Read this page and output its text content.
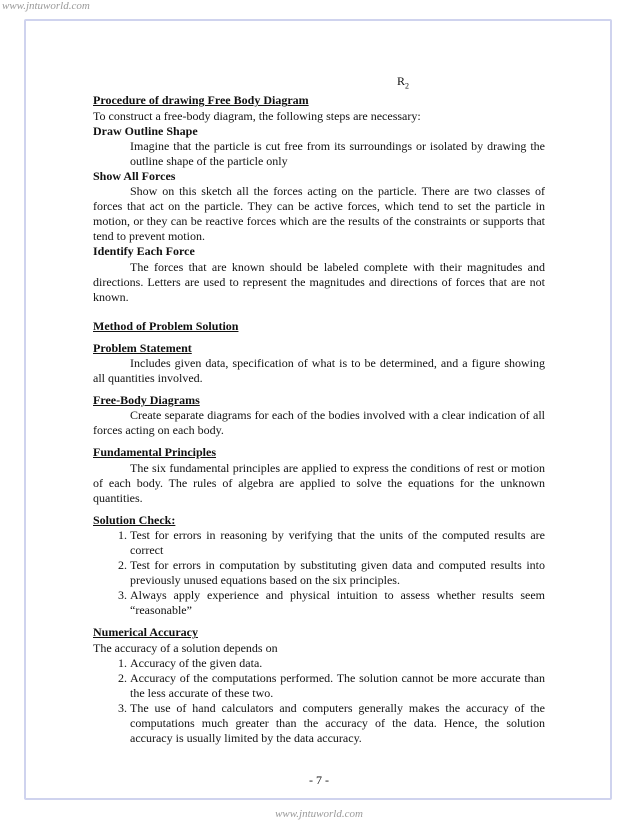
www.jntuworld.com
$R_2$
Procedure of drawing Free Body Diagram
To construct a free-body diagram, the following steps are necessary:
Draw Outline Shape
Imagine that the particle is cut free from its surroundings or isolated by drawing the outline shape of the particle only
Show All Forces
Show on this sketch all the forces acting on the particle. There are two classes of forces that act on the particle. They can be active forces, which tend to set the particle in motion, or they can be reactive forces which are the results of the constraints or supports that tend to prevent motion.
Identify Each Force
The forces that are known should be labeled complete with their magnitudes and directions. Letters are used to represent the magnitudes and directions of forces that are not known.
Method of Problem Solution
Problem Statement
Includes given data, specification of what is to be determined, and a figure showing all quantities involved.
Free-Body Diagrams
Create separate diagrams for each of the bodies involved with a clear indication of all forces acting on each body.
Fundamental Principles
The six fundamental principles are applied to express the conditions of rest or motion of each body. The rules of algebra are applied to solve the equations for the unknown quantities.
Solution Check:
1. Test for errors in reasoning by verifying that the units of the computed results are correct
2. Test for errors in computation by substituting given data and computed results into previously unused equations based on the six principles.
3. Always apply experience and physical intuition to assess whether results seem “reasonable”
Numerical Accuracy
The accuracy of a solution depends on
1. Accuracy of the given data.
2. Accuracy of the computations performed. The solution cannot be more accurate than the less accurate of these two.
3. The use of hand calculators and computers generally makes the accuracy of the computations much greater than the accuracy of the data. Hence, the solution accuracy is usually limited by the data accuracy.
- 7 -
www.jntuworld.com
